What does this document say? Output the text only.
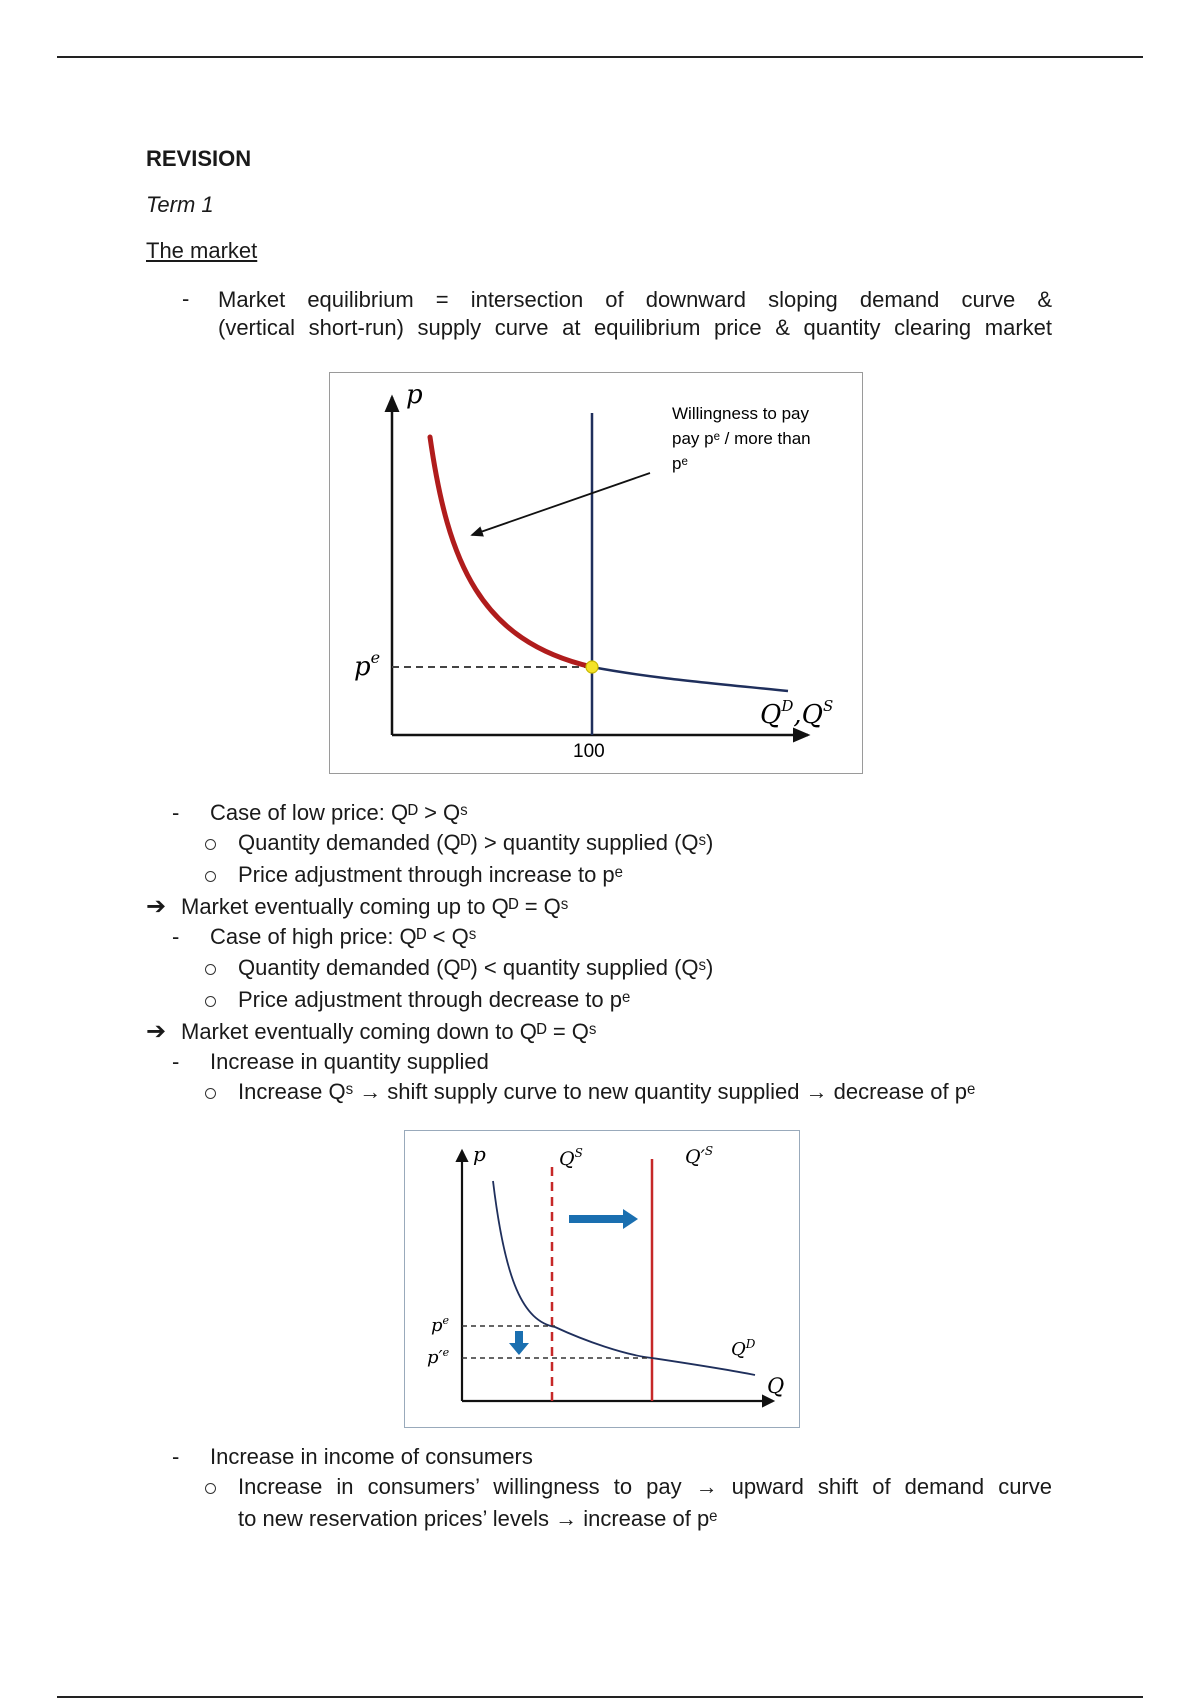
REVISION
Term 1
The market
- Market equilibrium = intersection of downward sloping demand curve &
(vertical short-run) supply curve at equilibrium price & quantity clearing market
p
$Q^D,Q^S$
$p^e$
100
Willingness to pay
pay pᵉ / more than
pᵉ
- Case of low price: Qᴰ > Qˢ
Quantity demanded (Qᴰ) > quantity supplied (Qˢ)
Price adjustment through increase to pᵉ
➔ Market eventually coming up to Qᴰ = Qˢ
- Case of high price: Qᴰ < Qˢ
Quantity demanded (Qᴰ) < quantity supplied (Qˢ)
Price adjustment through decrease to pᵉ
➔ Market eventually coming down to Qᴰ = Qˢ
- Increase in quantity supplied
Increase Qˢ → shift supply curve to new quantity supplied → decrease of pᵉ
p
Q
$Q^S$	$Q'^S$
$Q^D$
$p^e$
$p'^e$
- Increase in income of consumers
Increase in consumers’ willingness to pay → upward shift of demand curve
to new reservation prices’ levels → increase of pᵉ
